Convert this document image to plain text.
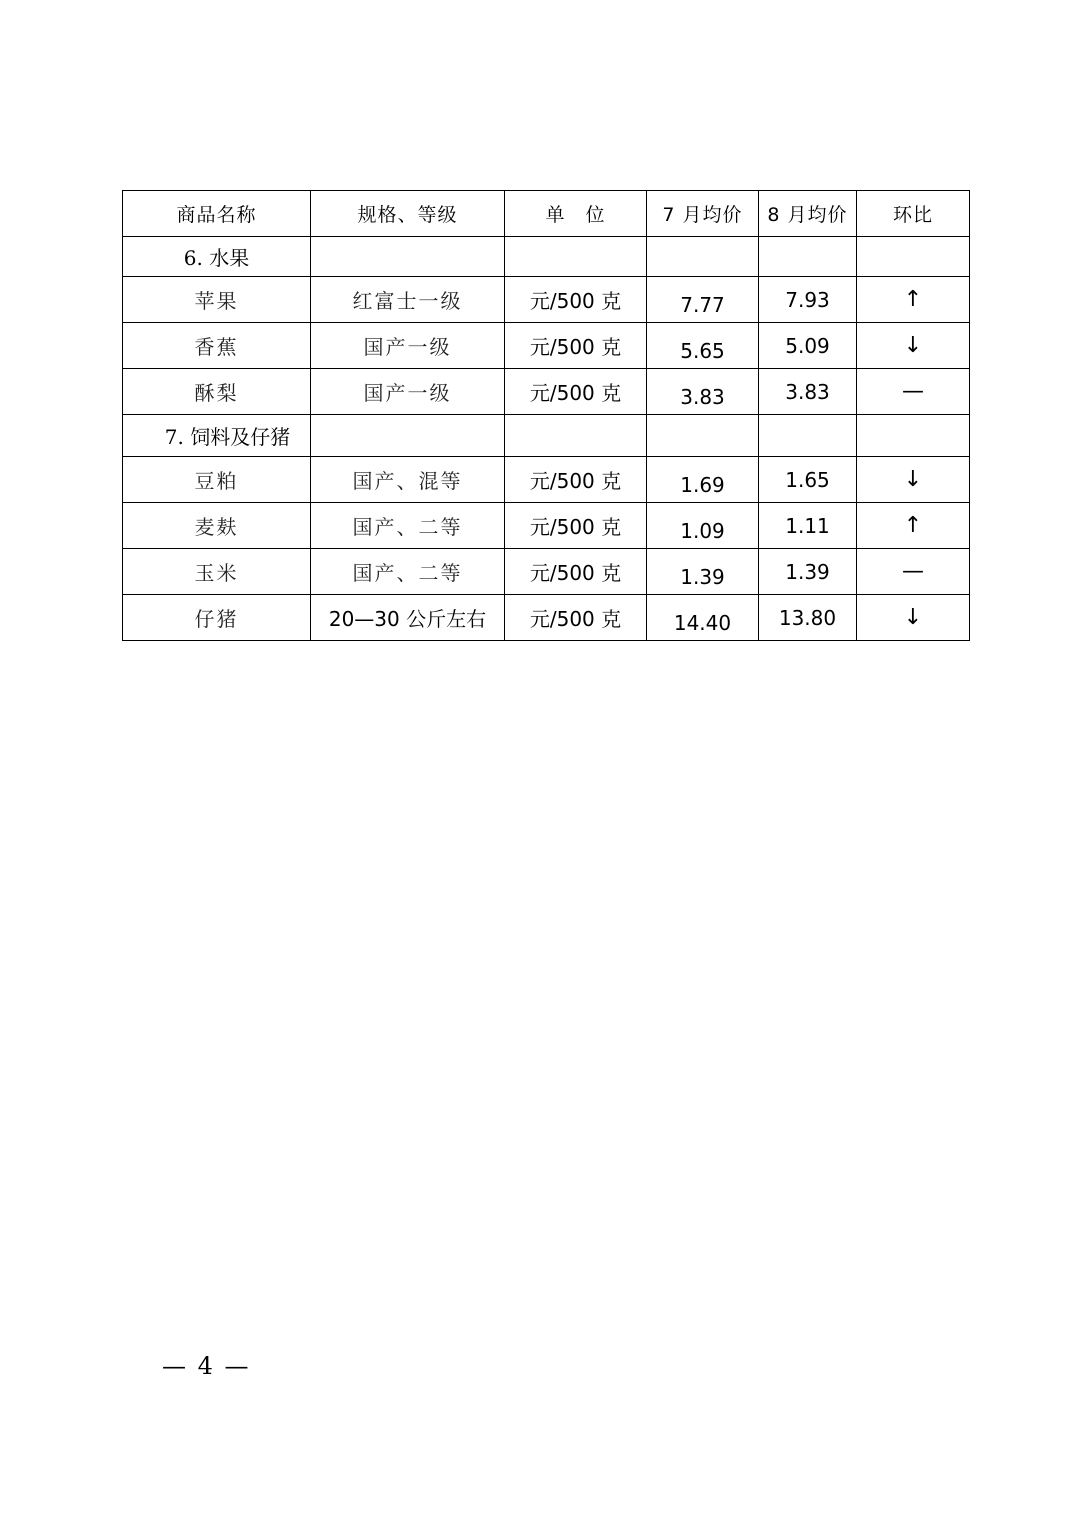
商品名称	规格、等级	单　位	7 月均价	8 月均价	环比
6. 水果					
苹果	红富士一级	元/500 克	7.77	7.93	↑
香蕉	国产一级	元/500 克	5.65	5.09	↓
酥梨	国产一级	元/500 克	3.83	3.83	—
7. 饲料及仔猪					
豆粕	国产、混等	元/500 克	1.69	1.65	↓
麦麸	国产、二等	元/500 克	1.09	1.11	↑
玉米	国产、二等	元/500 克	1.39	1.39	—
仔猪	20—30 公斤左右	元/500 克	14.40	13.80	↓
— 4 —
